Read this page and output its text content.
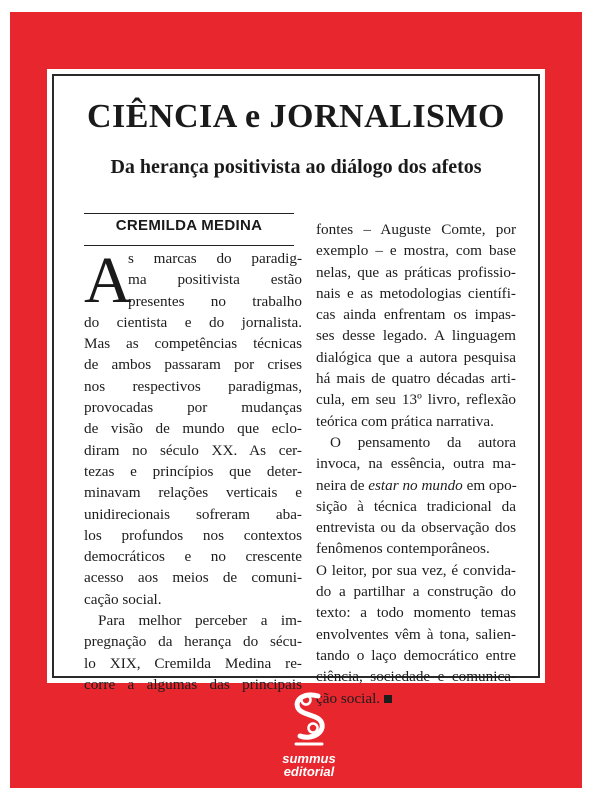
CIÊNCIA e JORNALISMO
Da herança positivista ao diálogo dos afetos
CREMILDA MEDINA
A
s marcas do paradig-
ma positivista estão
presentes no trabalho
do cientista e do jornalista.
Mas as competências técnicas
de ambos passaram por crises
nos respectivos paradigmas,
provocadas por mudanças
de visão de mundo que eclo-
diram no século XX. As cer-
tezas e princípios que deter-
minavam relações verticais e
unidirecionais sofreram aba-
los profundos nos contextos
democráticos e no crescente
acesso aos meios de comuni-
cação social.
Para melhor perceber a im-
pregnação da herança do sécu-
lo XIX, Cremilda Medina re-
corre a algumas das principais
fontes – Auguste Comte, por
exemplo – e mostra, com base
nelas, que as práticas profissio-
nais e as metodologias científi-
cas ainda enfrentam os impas-
ses desse legado. A linguagem
dialógica que a autora pesquisa
há mais de quatro décadas arti-
cula, em seu 13º livro, reflexão
teórica com prática narrativa.
O pensamento da autora
invoca, na essência, outra ma-
neira de estar no mundo em opo-
sição à técnica tradicional da
entrevista ou da observação dos
fenômenos contemporâneos.
O leitor, por sua vez, é convida-
do a partilhar a construção do
texto: a todo momento temas
envolventes vêm à tona, salien-
tando o laço democrático entre
ciência, sociedade e comunica-
ção social.
summus
editorial
